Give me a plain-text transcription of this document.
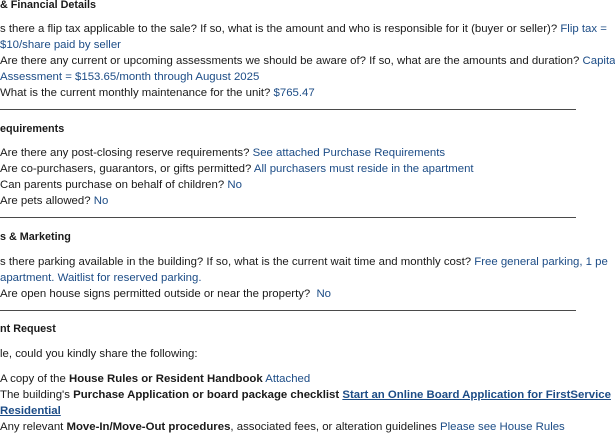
& Financial Details
s there a flip tax applicable to the sale? If so, what is the amount and who is responsible for it (buyer or seller)? Flip tax =
$10/share paid by seller
Are there any current or upcoming assessments we should be aware of? If so, what are the amounts and duration? Capita
Assessment = $153.65/month through August 2025
What is the current monthly maintenance for the unit? $765.47
equirements
Are there any post-closing reserve requirements? See attached Purchase Requirements
Are co-purchasers, guarantors, or gifts permitted? All purchasers must reside in the apartment
Can parents purchase on behalf of children? No
Are pets allowed? No
s & Marketing
s there parking available in the building? If so, what is the current wait time and monthly cost? Free general parking, 1 pe
apartment. Waitlist for reserved parking.
Are open house signs permitted outside or near the property? No
nt Request
le, could you kindly share the following:
A copy of the House Rules or Resident Handbook Attached
The building's Purchase Application or board package checklist Start an Online Board Application for FirstService
Residential
Any relevant Move-In/Move-Out procedures, associated fees, or alteration guidelines Please see House Rules
